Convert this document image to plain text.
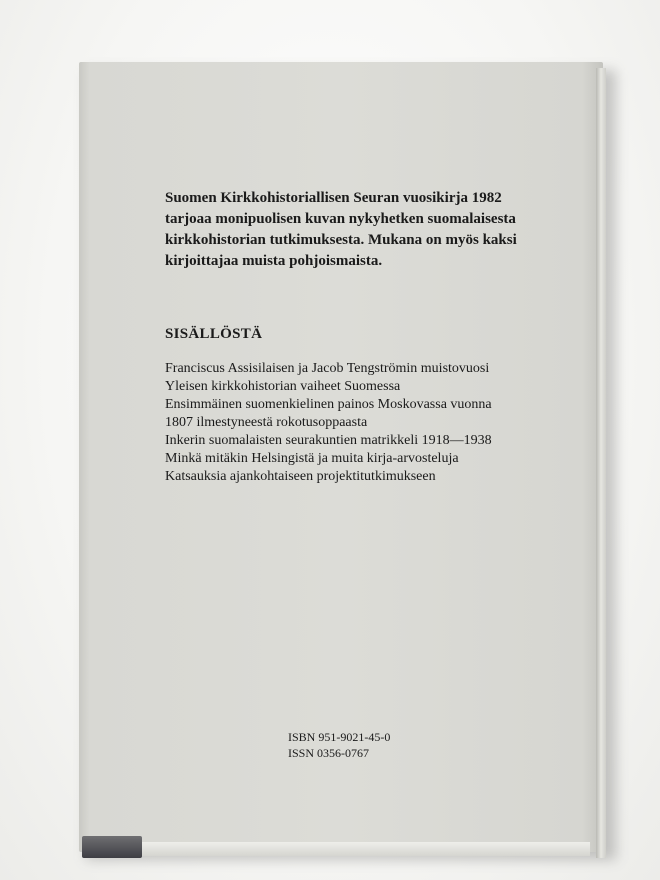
Suomen Kirkkohistoriallisen Seuran vuosikirja 1982
tarjoaa monipuolisen kuvan nykyhetken suomalaisesta
kirkkohistorian tutkimuksesta. Mukana on myös kaksi
kirjoittajaa muista pohjoismaista.
SISÄLLÖSTÄ
Franciscus Assisilaisen ja Jacob Tengströmin muistovuosi
Yleisen kirkkohistorian vaiheet Suomessa
Ensimmäinen suomenkielinen painos Moskovassa vuonna
1807 ilmestyneestä rokotusoppaasta
Inkerin suomalaisten seurakuntien matrikkeli 1918—1938
Minkä mitäkin Helsingistä ja muita kirja-arvosteluja
Katsauksia ajankohtaiseen projektitutkimukseen
ISBN 951-9021-45-0
ISSN 0356-0767
